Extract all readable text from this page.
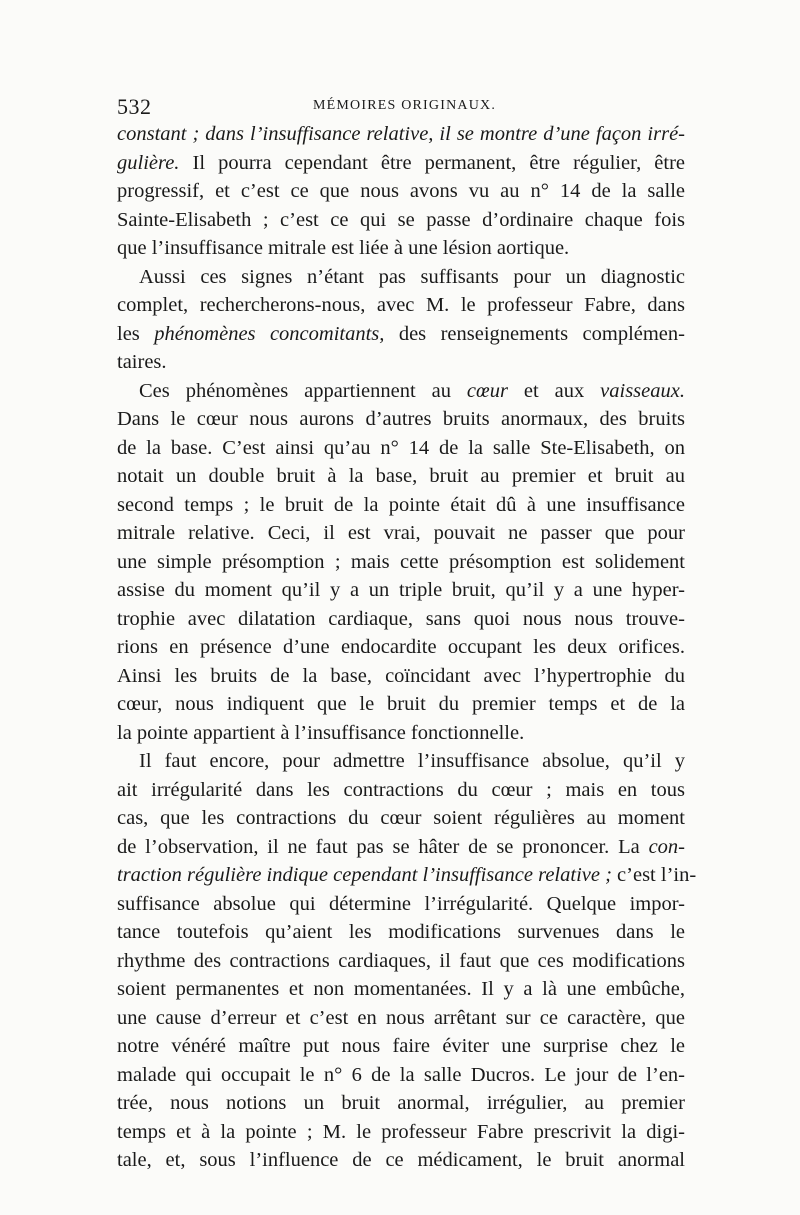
532	MÉMOIRES ORIGINAUX.
constant ; dans l’insuffisance relative, il se montre d’une façon irré-
gulière. Il pourra cependant être permanent, être régulier, être
progressif, et c’est ce que nous avons vu au n° 14 de la salle
Sainte-Elisabeth ; c’est ce qui se passe d’ordinaire chaque fois
que l’insuffisance mitrale est liée à une lésion aortique.
Aussi ces signes n’étant pas suffisants pour un diagnostic
complet, rechercherons-nous, avec M. le professeur Fabre, dans
les phénomènes concomitants, des renseignements complémen-
taires.
Ces phénomènes appartiennent au cœur et aux vaisseaux.
Dans le cœur nous aurons d’autres bruits anormaux, des bruits
de la base. C’est ainsi qu’au n° 14 de la salle Ste-Elisabeth, on
notait un double bruit à la base, bruit au premier et bruit au
second temps ; le bruit de la pointe était dû à une insuffisance
mitrale relative. Ceci, il est vrai, pouvait ne passer que pour
une simple présomption ; mais cette présomption est solidement
assise du moment qu’il y a un triple bruit, qu’il y a une hyper-
trophie avec dilatation cardiaque, sans quoi nous nous trouve-
rions en présence d’une endocardite occupant les deux orifices.
Ainsi les bruits de la base, coïncidant avec l’hypertrophie du
cœur, nous indiquent que le bruit du premier temps et de la
la pointe appartient à l’insuffisance fonctionnelle.
Il faut encore, pour admettre l’insuffisance absolue, qu’il y
ait irrégularité dans les contractions du cœur ; mais en tous
cas, que les contractions du cœur soient régulières au moment
de l’observation, il ne faut pas se hâter de se prononcer. La con-
traction régulière indique cependant l’insuffisance relative ; c’est l’in-
suffisance absolue qui détermine l’irrégularité. Quelque impor-
tance toutefois qu’aient les modifications survenues dans le
rhythme des contractions cardiaques, il faut que ces modifications
soient permanentes et non momentanées. Il y a là une embûche,
une cause d’erreur et c’est en nous arrêtant sur ce caractère, que
notre vénéré maître put nous faire éviter une surprise chez le
malade qui occupait le n° 6 de la salle Ducros. Le jour de l’en-
trée, nous notions un bruit anormal, irrégulier, au premier
temps et à la pointe ; M. le professeur Fabre prescrivit la digi-
tale, et, sous l’influence de ce médicament, le bruit anormal
